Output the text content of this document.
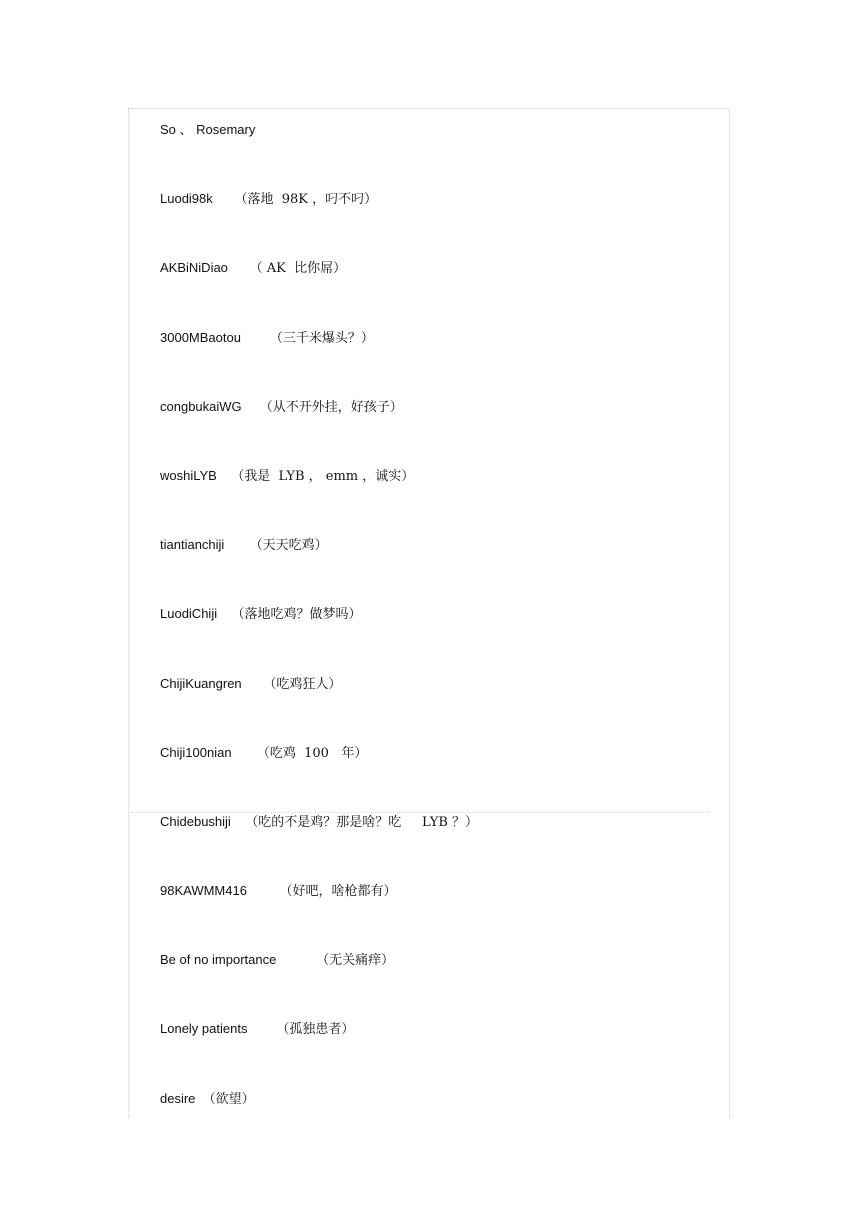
So 、 Rosemary
Luodi98k （落地  98K ，叼不叼）
AKBiNiDiao （ AK  比你屌）
3000MBaotou （三千米爆头？）
congbukaiWG （从不开外挂，好孩子）
woshiLYB （我是  LYB ， emm ，诚实）
tiantianchiji （天天吃鸡）
LuodiChiji （落地吃鸡？做梦吗）
ChijiKuangren （吃鸡狂人）
Chiji100nian （吃鸡  100   年）
Chidebushiji （吃的不是鸡？那是啥？吃     LYB ？）
98KAWMM416	（好吧，啥枪都有）
Be of no importance	（无关痛痒）
Lonely patients （孤独患者）
desire （欲望）
